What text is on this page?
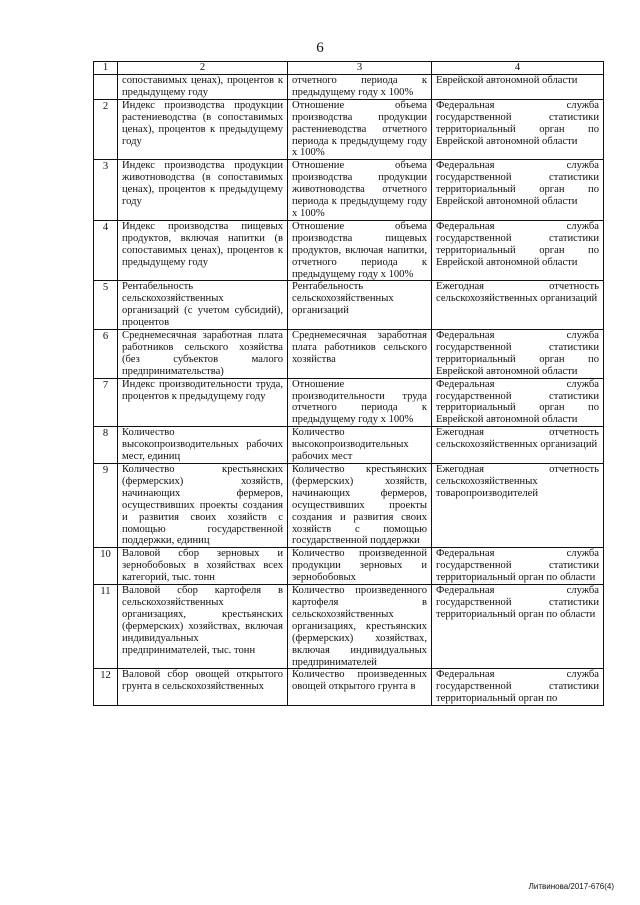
6
1	2	3	4
	сопоставимых ценах), процентов к предыдущему году	отчетного периода к предыдущему году х 100%	Еврейской автономной области
2	Индекс производства продукции растениеводства (в сопоставимых ценах), процентов к предыдущему году	Отношение объема производства продукции растениеводства отчетного периода к предыдущему году х 100%	Федеральная служба государственной статистики территориальный орган по Еврейской автономной области
3	Индекс производства продукции животноводства (в сопоставимых ценах), процентов к предыдущему году	Отношение объема производства продукции животноводства отчетного периода к предыдущему году х 100%	Федеральная служба государственной статистики территориальный орган по Еврейской автономной области
4	Индекс производства пищевых продуктов, включая напитки (в сопоставимых ценах), процентов к предыдущему году	Отношение объема производства пищевых продуктов, включая напитки, отчетного периода к предыдущему году х 100%	Федеральная служба государственной статистики территориальный орган по Еврейской автономной области
5	Рентабельность сельскохозяйственных организаций (с учетом субсидий), процентов	Рентабельность сельскохозяйственных организаций	Ежегодная отчетность сельскохозяйственных организаций
6	Среднемесячная заработная плата работников сельского хозяйства (без субъектов малого предпринимательства)	Среднемесячная заработная плата работников сельского хозяйства	Федеральная служба государственной статистики территориальный орган по Еврейской автономной области
7	Индекс производительности труда, процентов к предыдущему году	Отношение производительности труда отчетного периода к предыдущему году х 100%	Федеральная служба государственной статистики территориальный орган по Еврейской автономной области
8	Количество высокопроизводительных рабочих мест, единиц	Количество высокопроизводительных рабочих мест	Ежегодная отчетность сельскохозяйственных организаций
9	Количество крестьянских (фермерских) хозяйств, начинающих фермеров, осуществивших проекты создания и развития своих хозяйств с помощью государственной поддержки, единиц	Количество крестьянских (фермерских) хозяйств, начинающих фермеров, осуществивших проекты создания и развития своих хозяйств с помощью государственной поддержки	Ежегодная отчетность сельскохозяйственных товаропроизводителей
10	Валовой сбор зерновых и зернобобовых в хозяйствах всех категорий, тыс. тонн	Количество произведенной продукции зерновых и зернобобовых	Федеральная служба государственной статистики территориальный орган по области
11	Валовой сбор картофеля в сельскохозяйственных организациях, крестьянских (фермерских) хозяйствах, включая индивидуальных предпринимателей, тыс. тонн	Количество произведенного картофеля в сельскохозяйственных организациях, крестьянских (фермерских) хозяйствах, включая индивидуальных предпринимателей	Федеральная служба государственной статистики территориальный орган по области
12	Валовой сбор овощей открытого грунта в сельскохозяйственных	Количество произведенных овощей открытого грунта в	Федеральная служба государственной статистики территориальный орган по
Литвинова/2017-676(4)
